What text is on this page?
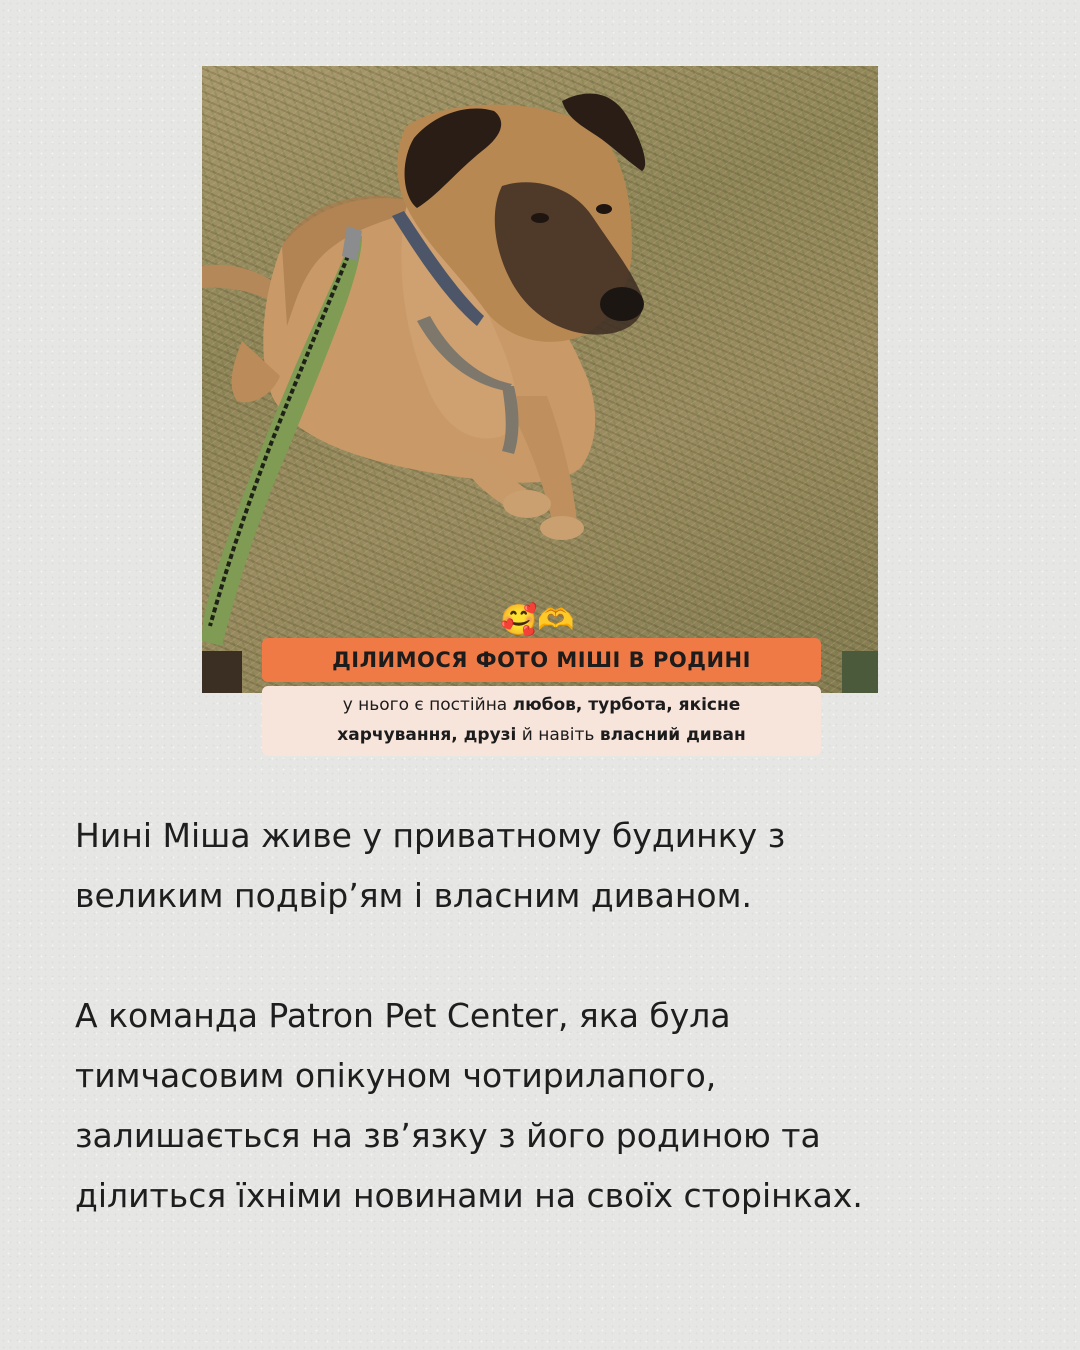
🥰🫶
ДІЛИМОСЯ ФОТО МІШІ В РОДИНІ
у нього є постійна любов, турбота, якісне
харчування, друзі й навіть власний диван
Нині Міша живе у приватному будинку з
великим подвір’ям і власним диваном.
А команда Patron Pet Center, яка була
тимчасовим опікуном чотирилапого,
залишається на зв’язку з його родиною та
ділиться їхніми новинами на своїх сторінках.
